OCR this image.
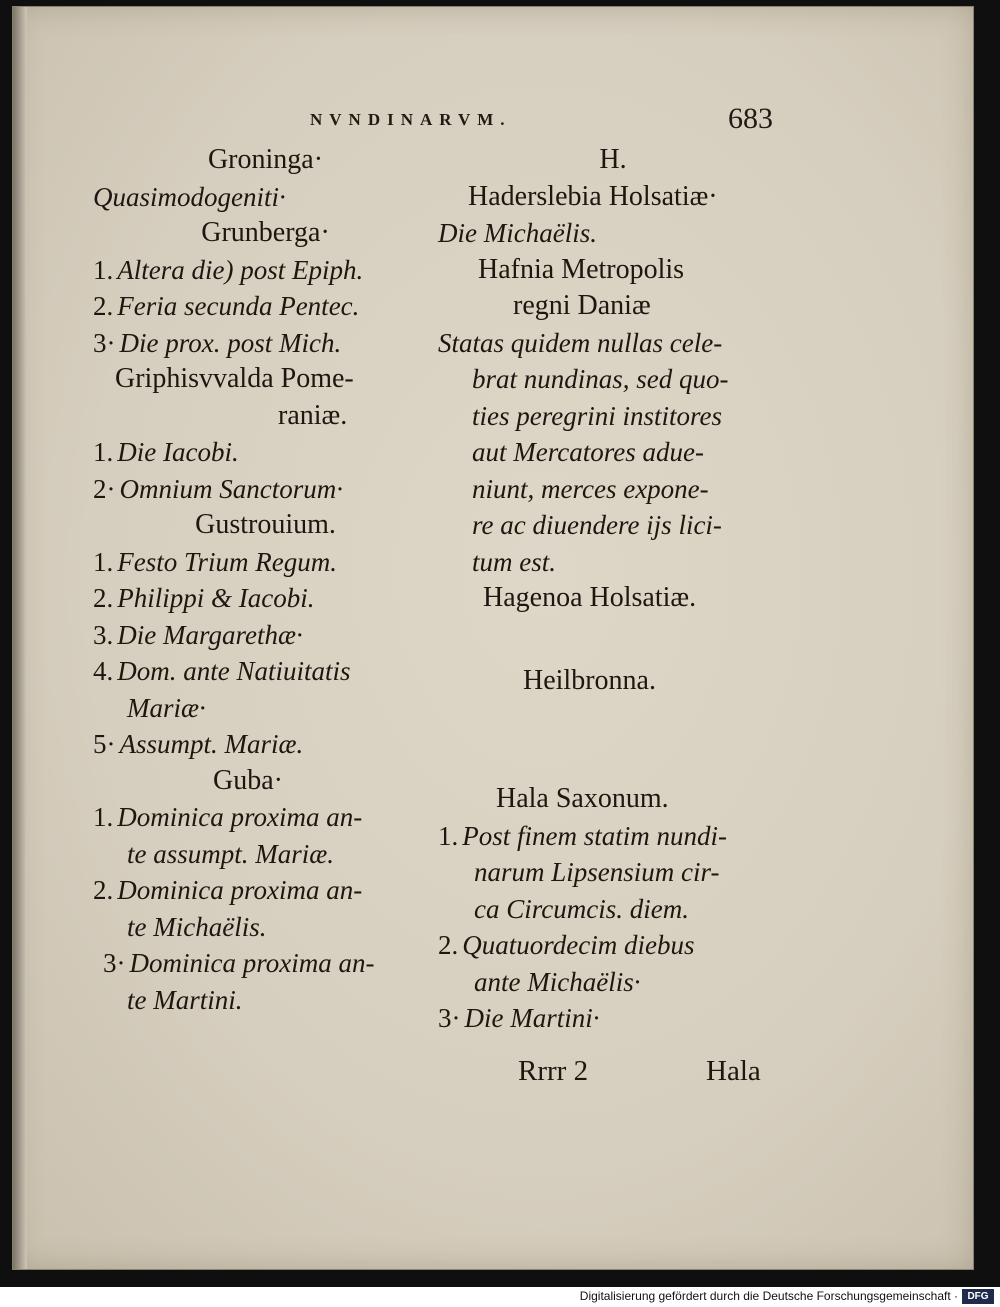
NVNDINARVM.	683
Groninga·
Quasimodogeniti·
Grunberga·
1. Altera die) post Epiph.
2. Feria secunda Pentec.
3· Die prox. post Mich.
Griphisvvalda Pome-
raniæ.
1. Die Iacobi.
2· Omnium Sanctorum·
Gustrouium.
1. Festo Trium Regum.
2. Philippi & Iacobi.
3. Die Margarethæ·
4. Dom. ante Natiuitatis
Mariæ·
5· Assumpt. Mariæ.
Guba·
1. Dominica proxima an-
te assumpt. Mariæ.
2. Dominica proxima an-
te Michaëlis.
3· Dominica proxima an-
te Martini.
H.
Haderslebia Holsatiæ·
Die Michaëlis.
Hafnia Metropolis
regni Daniæ
Statas quidem nullas cele-
brat nundinas, sed quo-
ties peregrini institores
aut Mercatores adue-
niunt, merces expone-
re ac diuendere ijs lici-
tum est.
Hagenoa Holsatiæ.
Heilbronna.
Hala Saxonum.
1. Post finem statim nundi-
narum Lipsensium cir-
ca Circumcis. diem.
2. Quatuordecim diebus
ante Michaëlis·
3· Die Martini·
Rrrr 2	Hala
Digitalisierung gefördert durch die Deutsche Forschungsgemeinschaft · DFG
